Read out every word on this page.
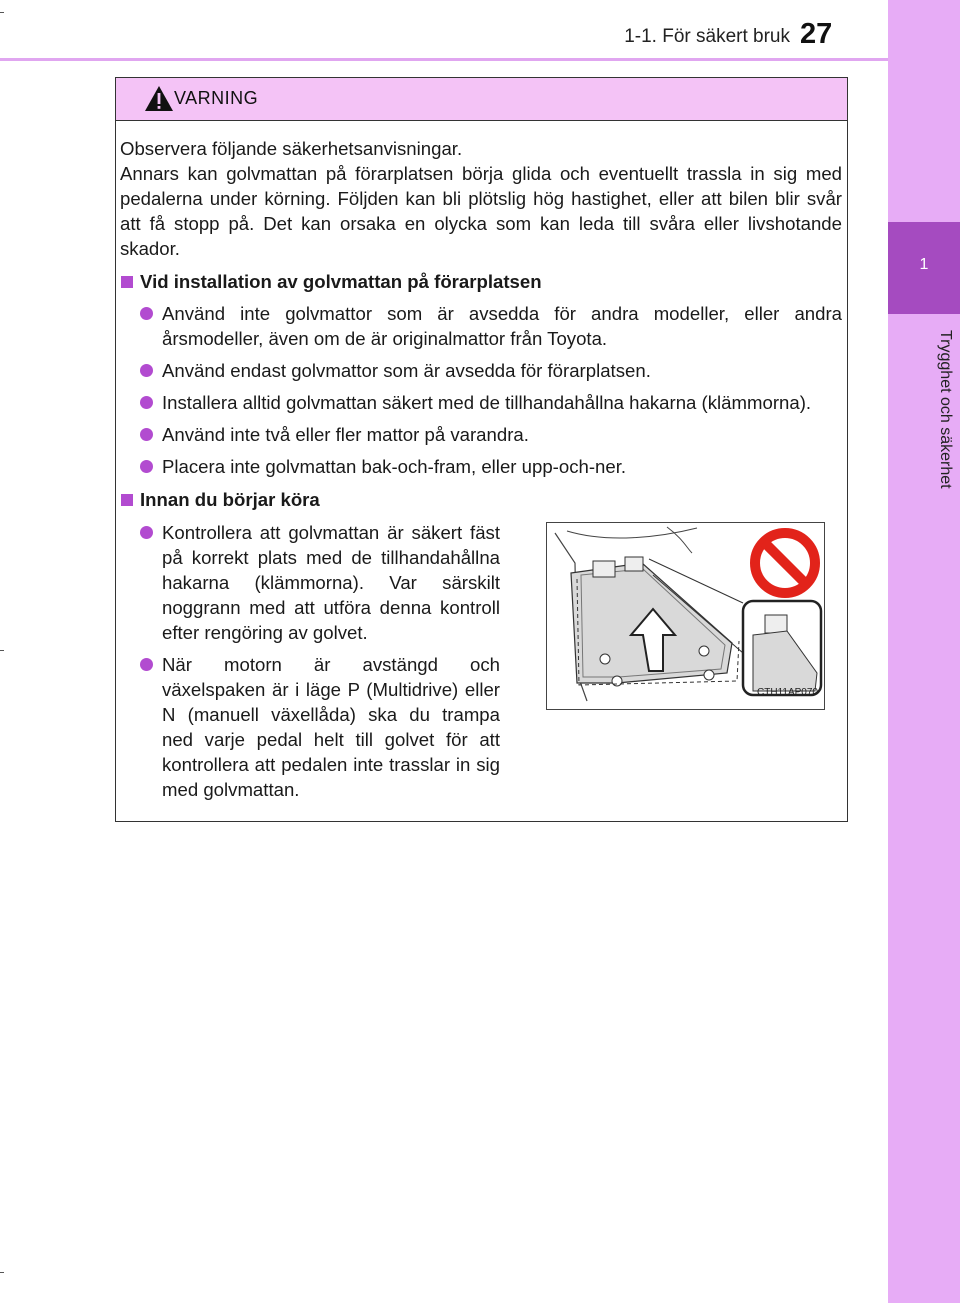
1-1. För säkert bruk 27
1
Trygghet och säkerhet
VARNING

Observera följande säkerhetsanvisningar.

Annars kan golvmattan på förarplatsen börja glida och eventuellt trassla in sig med pedalerna under körning. Följden kan bli plötslig hög hastighet, eller att bilen blir svår att få stopp på. Det kan orsaka en olycka som kan leda till svåra eller livshotande skador.

Vid installation av golvmattan på förarplatsen
Använd inte golvmattor som är avsedda för andra modeller, eller andra årsmodeller, även om de är originalmattor från Toyota.
Använd endast golvmattor som är avsedda för förarplatsen.
Installera alltid golvmattan säkert med de tillhandahållna hakarna (klämmorna).
Använd inte två eller fler mattor på varandra.
Placera inte golvmattan bak-och-fram, eller upp-och-ner.
Innan du börjar köra
Kontrollera att golvmattan är säkert fäst på korrekt plats med de tillhandahållna hakarna (klämmorna). Var särskilt noggrann med att utföra denna kontroll efter rengöring av golvet.
När motorn är avstängd och växelspaken är i läge P (Multidrive) eller N (manuell växellåda) ska du trampa ned varje pedal helt till golvet för att kontrollera att pedalen inte trasslar in sig med golvmattan.
CTH11AP070
